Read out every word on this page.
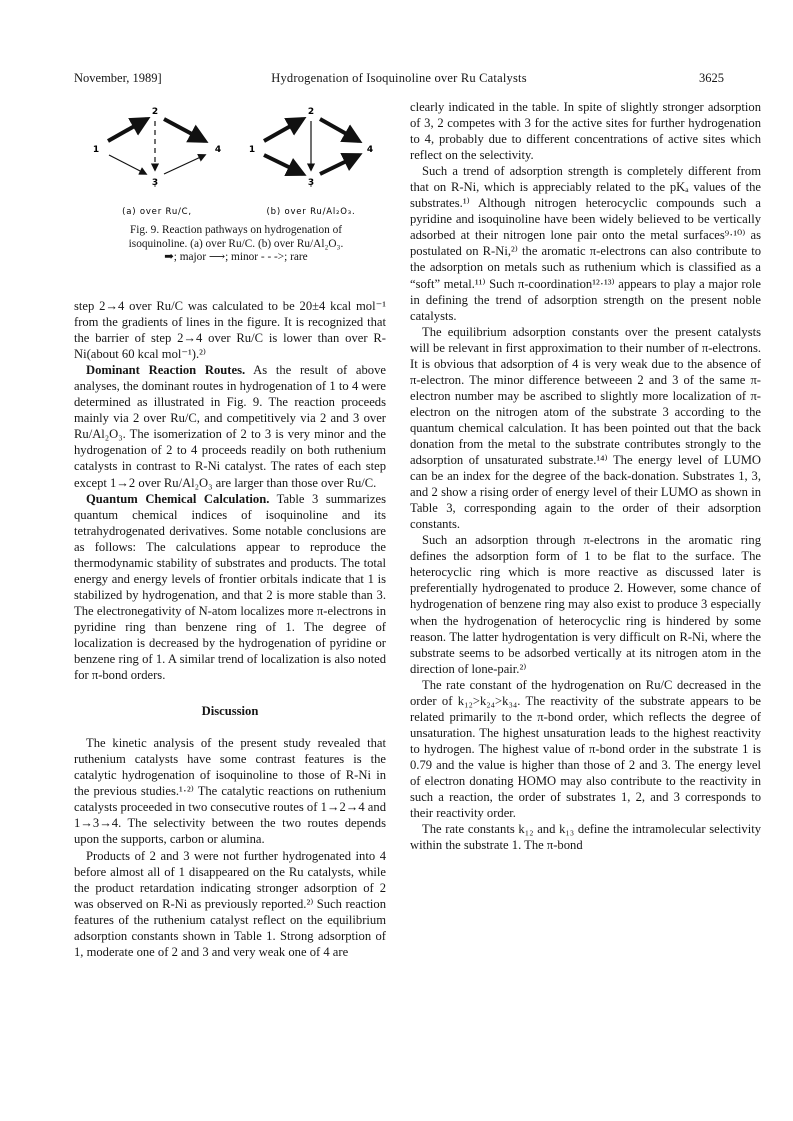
November, 1989]	Hydrogenation of Isoquinoline over Ru Catalysts	3625
2
1	4
3
(a) over Ru/C,
2
1	4
3
(b) over Ru/Al₂O₃.
Fig. 9. Reaction pathways on hydrogenation of isoquinoline. (a) over Ru/C. (b) over Ru/Al₂O₃.
➡; major ⟶; minor - - ->; rare

step 2→4 over Ru/C was calculated to be 20±4 kcal mol⁻¹ from the gradients of lines in the figure. It is recognized that the barrier of step 2→4 over Ru/C is lower than over R-Ni(about 60 kcal mol⁻¹).²⁾

Dominant Reaction Routes. As the result of above analyses, the dominant routes in hydrogenation of 1 to 4 were determined as illustrated in Fig. 9. The reaction proceeds mainly via 2 over Ru/C, and competitively via 2 and 3 over Ru/Al₂O₃. The isomerization of 2 to 3 is very minor and the hydrogenation of 2 to 4 proceeds readily on both ruthenium catalysts in contrast to R-Ni catalyst. The rates of each step except 1→2 over Ru/Al₂O₃ are larger than those over Ru/C.

Quantum Chemical Calculation. Table 3 summarizes quantum chemical indices of isoquinoline and its tetrahydrogenated derivatives. Some notable conclusions are as follows: The calculations appear to reproduce the thermodynamic stability of substrates and products. The total energy and energy levels of frontier orbitals indicate that 1 is stabilized by hydrogenation, and that 2 is more stable than 3. The electronegativity of N-atom localizes more π-electrons in pyridine ring than benzene ring of 1. The degree of localization is decreased by the hydrogenation of pyridine or benzene ring of 1. A similar trend of localization is also noted for π-bond orders.

Discussion

The kinetic analysis of the present study revealed that ruthenium catalysts have some contrast features is the catalytic hydrogenation of isoquinoline to those of R-Ni in the previous studies.¹·²⁾ The catalytic reactions on ruthenium catalysts proceeded in two consecutive routes of 1→2→4 and 1→3→4. The selectivity between the two routes depends upon the supports, carbon or alumina.

Products of 2 and 3 were not further hydrogenated into 4 before almost all of 1 disappeared on the Ru catalysts, while the product retardation indicating stronger adsorption of 2 was observed on R-Ni as previously reported.²⁾ Such reaction features of the ruthenium catalyst reflect on the equilibrium adsorption constants shown in Table 1. Strong adsorption of 1, moderate one of 2 and 3 and very weak one of 4 are

clearly indicated in the table. In spite of slightly stronger adsorption of 3, 2 competes with 3 for the active sites for further hydrogenation to 4, probably due to different concentrations of active sites which reflect on the selectivity.

Such a trend of adsorption strength is completely different from that on R-Ni, which is appreciably related to the pKₐ values of the substrates.¹⁾ Although nitrogen heterocyclic compounds such a pyridine and isoquinoline have been widely believed to be vertically adsorbed at their nitrogen lone pair onto the metal surfaces⁹·¹⁰⁾ as postulated on R-Ni,²⁾ the aromatic π-electrons can also contribute to the adsorption on metals such as ruthenium which is classified as a “soft” metal.¹¹⁾ Such π-coordination¹²·¹³⁾ appears to play a major role in defining the trend of adsorption strength on the present noble catalysts.

The equilibrium adsorption constants over the present catalysts will be relevant in first approximation to their number of π-electrons. It is obvious that adsorption of 4 is very weak due to the absence of π-electron. The minor difference betweeen 2 and 3 of the same π-electron number may be ascribed to slightly more localization of π-electron on the nitrogen atom of the substrate 3 according to the quantum chemical calculation. It has been pointed out that the back donation from the metal to the substrate contributes strongly to the adsorption of unsaturated substrate.¹⁴⁾ The energy level of LUMO can be an index for the degree of the back-donation. Substrates 1, 3, and 2 show a rising order of energy level of their LUMO as shown in Table 3, corresponding again to the order of their adsorption constants.

Such an adsorption through π-electrons in the aromatic ring defines the adsorption form of 1 to be flat to the surface. The heterocyclic ring which is more reactive as discussed later is preferentially hydrogenated to produce 2. However, some chance of hydrogenation of benzene ring may also exist to produce 3 especially when the hydrogenation of heterocyclic ring is hindered by some reason. The latter hydrogentation is very difficult on R-Ni, where the substrate seems to be adsorbed vertically at its nitrogen atom in the direction of lone-pair.²⁾

The rate constant of the hydrogenation on Ru/C decreased in the order of k₁₂>k₂₄>k₃₄. The reactivity of the substrate appears to be related primarily to the π-bond order, which reflects the degree of unsaturation. The highest unsaturation leads to the highest reactivity to hydrogen. The highest value of π-bond order in the substrate 1 is 0.79 and the value is higher than those of 2 and 3. The energy level of electron donating HOMO may also contribute to the reactivity in such a reaction, the order of substrates 1, 2, and 3 corresponds to their reactivity order.

The rate constants k₁₂ and k₁₃ define the intramolecular selectivity within the substrate 1. The π-bond
